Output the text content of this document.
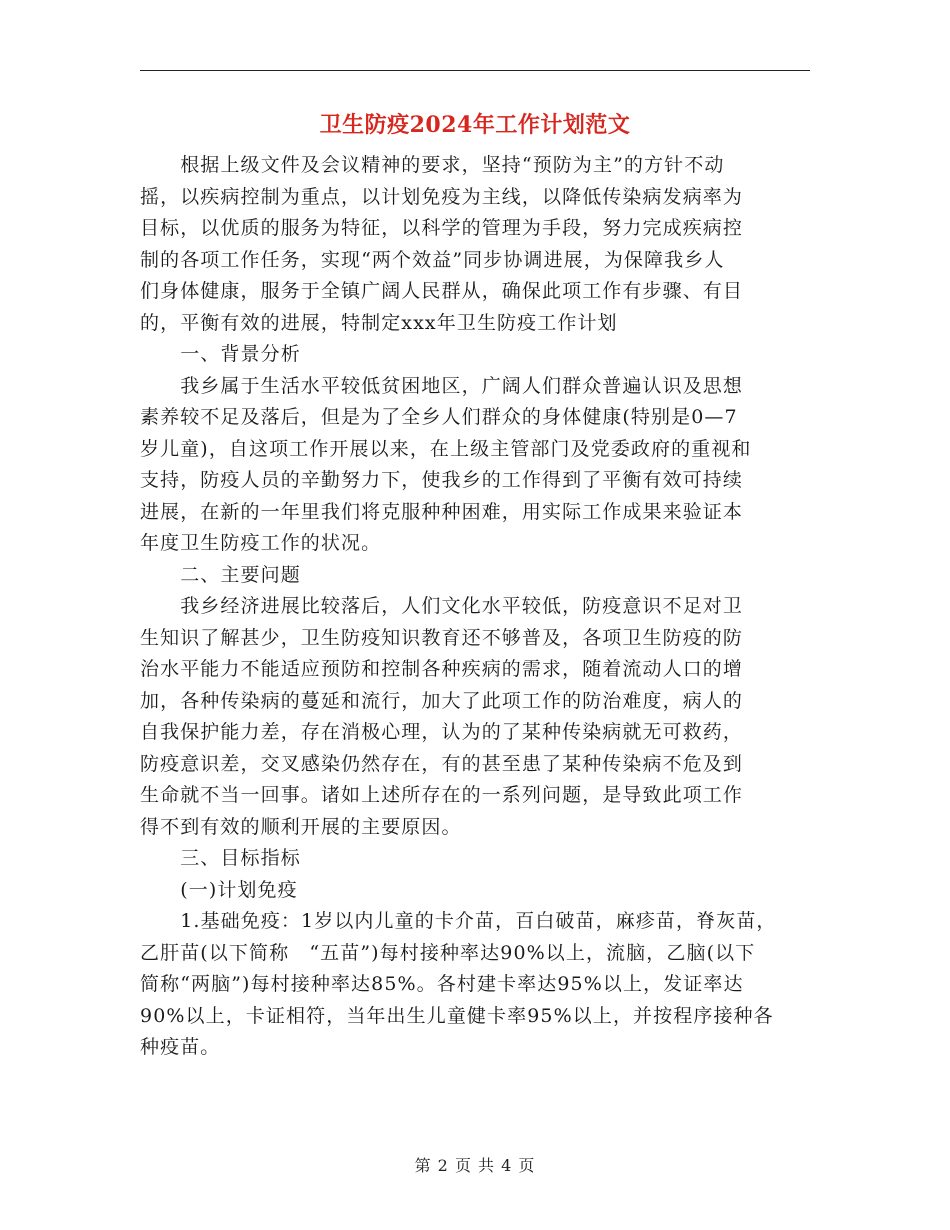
卫生防疫2024年工作计划范文
　　根据上级文件及会议精神的要求，坚持“预防为主”的方针不动
摇，以疾病控制为重点，以计划免疫为主线，以降低传染病发病率为
目标，以优质的服务为特征，以科学的管理为手段，努力完成疾病控
制的各项工作任务，实现“两个效益”同步协调进展，为保障我乡人
们身体健康，服务于全镇广阔人民群从，确保此项工作有步骤、有目
的，平衡有效的进展，特制定xxx年卫生防疫工作计划
　　一、背景分析
　　我乡属于生活水平较低贫困地区，广阔人们群众普遍认识及思想
素养较不足及落后，但是为了全乡人们群众的身体健康(特别是0—7
岁儿童)，自这项工作开展以来，在上级主管部门及党委政府的重视和
支持，防疫人员的辛勤努力下，使我乡的工作得到了平衡有效可持续
进展，在新的一年里我们将克服种种困难，用实际工作成果来验证本
年度卫生防疫工作的状况。
　　二、主要问题
　　我乡经济进展比较落后，人们文化水平较低，防疫意识不足对卫
生知识了解甚少，卫生防疫知识教育还不够普及，各项卫生防疫的防
治水平能力不能适应预防和控制各种疾病的需求，随着流动人口的增
加，各种传染病的蔓延和流行，加大了此项工作的防治难度，病人的
自我保护能力差，存在消极心理，认为的了某种传染病就无可救药，
防疫意识差，交叉感染仍然存在，有的甚至患了某种传染病不危及到
生命就不当一回事。诸如上述所存在的一系列问题，是导致此项工作
得不到有效的顺利开展的主要原因。
　　三、目标指标
　　(一)计划免疫
　　1.基础免疫：1岁以内儿童的卡介苗，百白破苗，麻疹苗，脊灰苗，
乙肝苗(以下简称　“五苗”)每村接种率达90%以上，流脑，乙脑(以下
简称“两脑”)每村接种率达85%。各村建卡率达95%以上，发证率达
90%以上，卡证相符，当年出生儿童健卡率95%以上，并按程序接种各
种疫苗。
第 2 页 共 4 页
